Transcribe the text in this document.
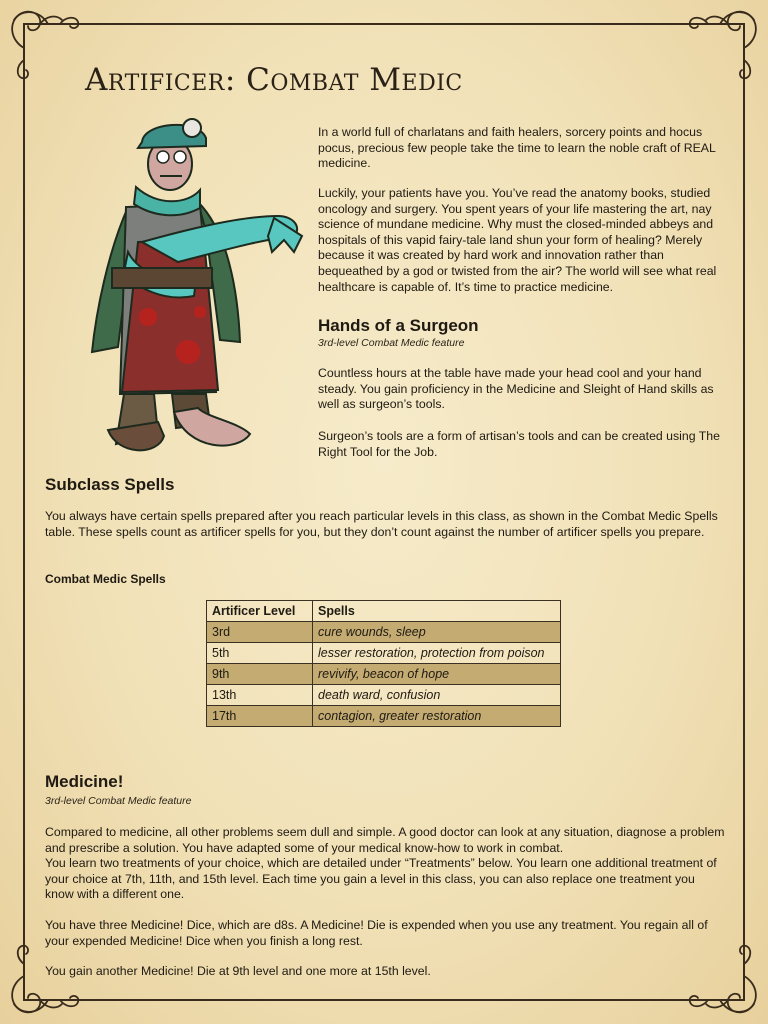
Artificer: Combat Medic

In a world full of charlatans and faith healers, sorcery points and hocus pocus, precious few people take the time to learn the noble craft of REAL medicine.

Luckily, your patients have you. You’ve read the anatomy books, studied oncology and surgery. You spent years of your life mastering the art, nay science of mundane medicine. Why must the closed-minded abbeys and hospitals of this vapid fairy-tale land shun your form of healing? Merely because it was created by hard work and innovation rather than bequeathed by a god or twisted from the air? The world will see what real healthcare is capable of. It’s time to practice medicine.

Hands of a Surgeon

3rd-level Combat Medic feature

Countless hours at the table have made your head cool and your hand steady. You gain proficiency in the Medicine and Sleight of Hand skills as well as surgeon’s tools.

Surgeon’s tools are a form of artisan’s tools and can be created using The Right Tool for the Job.

Subclass Spells

You always have certain spells prepared after you reach particular levels in this class, as shown in the Combat Medic Spells table. These spells count as artificer spells for you, but they don’t count against the number of artificer spells you prepare.

Combat Medic Spells

Artificer Level	Spells
3rd	cure wounds, sleep
5th	lesser restoration, protection from poison
9th	revivify, beacon of hope
13th	death ward, confusion
17th	contagion, greater restoration
Medicine!

3rd-level Combat Medic feature

Compared to medicine, all other problems seem dull and simple. A good doctor can look at any situation, diagnose a problem and prescribe a solution. You have adapted some of your medical know-how to work in combat.

You learn two treatments of your choice, which are detailed under “Treatments” below. You learn one additional treatment of your choice at 7th, 11th, and 15th level. Each time you gain a level in this class, you can also replace one treatment you know with a different one.

You have three Medicine! Dice, which are d8s. A Medicine! Die is expended when you use any treatment. You regain all of your expended Medicine! Dice when you finish a long rest.

You gain another Medicine! Die at 9th level and one more at 15th level.
